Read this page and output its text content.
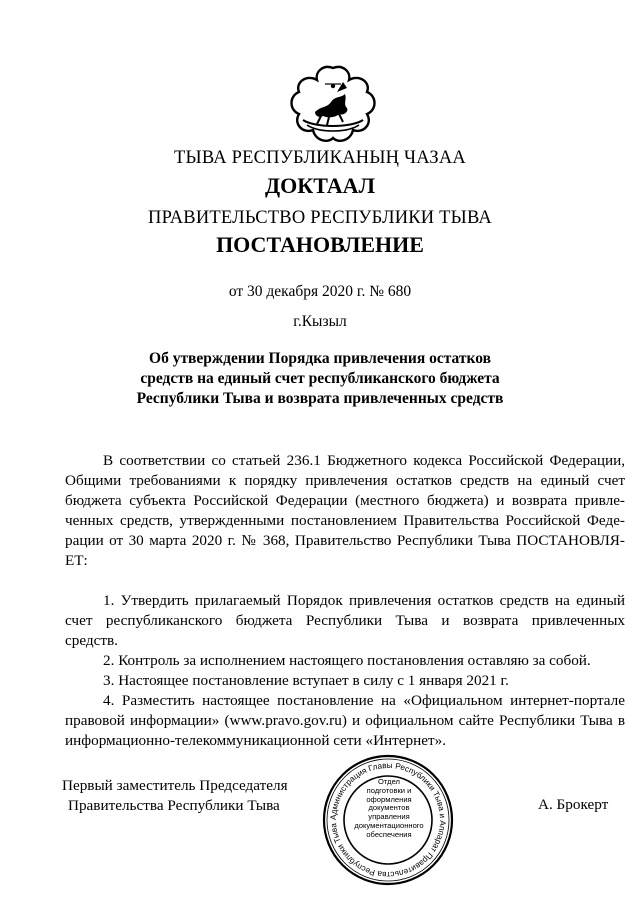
ТЫВА РЕСПУБЛИКАНЫҢ ЧАЗАА
ДОКТААЛ
ПРАВИТЕЛЬСТВО РЕСПУБЛИКИ ТЫВА
ПОСТАНОВЛЕНИЕ
от 30 декабря 2020 г. № 680
г.Кызыл
Об утверждении Порядка привлечения остатков
средств на единый счет республиканского бюджета
Республики Тыва и возврата привлеченных средств
В соответствии со статьей 236.1 Бюджетного кодекса Российской Федерации,
Общими требованиями к порядку привлечения остатков средств на единый счет
бюджета субъекта Российской Федерации (местного бюджета) и возврата привле-
ченных средств, утвержденными постановлением Правительства Российской Феде-
рации от 30 марта 2020 г. № 368, Правительство Республики Тыва ПОСТАНОВЛЯ-
ЕТ:
1. Утвердить прилагаемый Порядок привлечения остатков средств на единый
счет республиканского бюджета Республики Тыва и возврата привлеченных
средств.
2. Контроль за исполнением настоящего постановления оставляю за собой.
3. Настоящее постановление вступает в силу с 1 января 2021 г.
4. Разместить настоящее постановление на «Официальном интернет-портале
правовой информации» (www.pravo.gov.ru) и официальном сайте Республики Тыва в
информационно-телекоммуникационной сети «Интернет».
Первый заместитель Председателя
Правительства Республики Тыва	А. Брокерт
Администрация Главы Республики Тыва и Аппарат Правительства Республики Тыва
Отдел
подготовки и
оформления документов
управления
документационного
обеспечения
